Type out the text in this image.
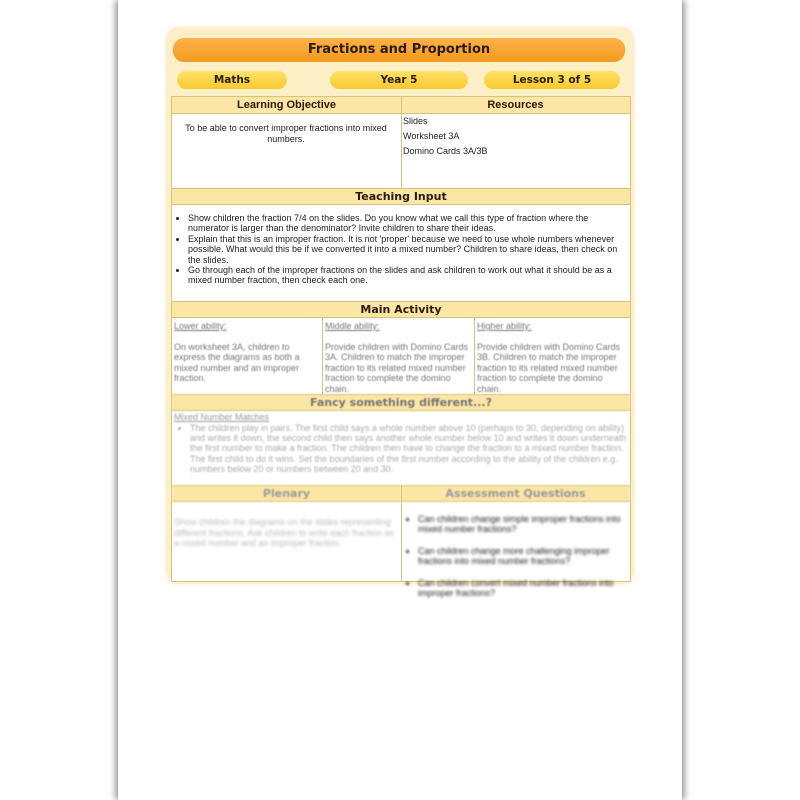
Fractions and Proportion
Maths	Year 5	Lesson 3 of 5
Learning Objective	Resources
To be able to convert improper fractions into mixed numbers.
Slides
Worksheet 3A
Domino Cards 3A/3B
Teaching Input
• Show children the fraction 7/4 on the slides. Do you know what we call this type of fraction where the numerator is larger than the denominator? Invite children to share their ideas.
• Explain that this is an improper fraction. It is not 'proper' because we need to use whole numbers whenever possible. What would this be if we converted it into a mixed number? Children to share ideas, then check on the slides.
• Go through each of the improper fractions on the slides and ask children to work out what it should be as a mixed number fraction, then check each one.
Main Activity
Lower ability:
On worksheet 3A, children to express the diagrams as both a mixed number and an improper fraction.
Middle ability:
Provide children with Domino Cards 3A. Children to match the improper fraction to its related mixed number fraction to complete the domino chain.
Higher ability:
Provide children with Domino Cards 3B. Children to match the improper fraction to its related mixed number fraction to complete the domino chain.
Fancy something different...?
Mixed Number Matches
• The children play in pairs. The first child says a whole number above 10 (perhaps to 30, depending on ability) and writes it down, the second child then says another whole number below 10 and writes it down underneath the first number to make a fraction. The children then have to change the fraction to a mixed number fraction. The first child to do it wins. Set the boundaries of the first number according to the ability of the children e.g. numbers below 20 or numbers between 20 and 30.
Plenary	Assessment Questions
Show children the diagrams on the slides representing different fractions. Ask children to write each fraction as a mixed number and an improper fraction.
• Can children change simple improper fractions into mixed number fractions?
• Can children change more challenging improper fractions into mixed number fractions?
• Can children convert mixed number fractions into improper fractions?
